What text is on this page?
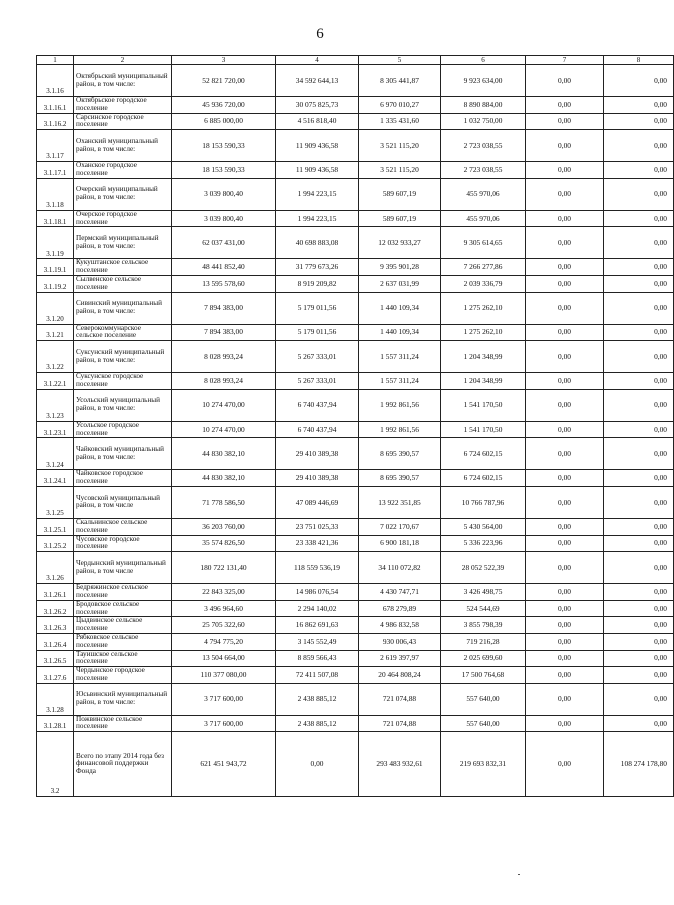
6
1	2	3	4	5	6	7	8
3.1.16	Октябрьский муниципальный район, в том числе:	52 821 720,00	34 592 644,13	8 305 441,87	9 923 634,00	0,00	0,00
3.1.16.1	Октябрьское городское поселение	45 936 720,00	30 075 825,73	6 970 010,27	8 890 884,00	0,00	0,00
3.1.16.2	Сарсинское городское поселение	6 885 000,00	4 516 818,40	1 335 431,60	1 032 750,00	0,00	0,00
3.1.17	Оханский муниципальный район, в том числе:	18 153 590,33	11 909 436,58	3 521 115,20	2 723 038,55	0,00	0,00
3.1.17.1	Оханское городское поселение	18 153 590,33	11 909 436,58	3 521 115,20	2 723 038,55	0,00	0,00
3.1.18	Очерский муниципальный район, в том числе:	3 039 800,40	1 994 223,15	589 607,19	455 970,06	0,00	0,00
3.1.18.1	Очерское городское поселение	3 039 800,40	1 994 223,15	589 607,19	455 970,06	0,00	0,00
3.1.19	Пермский муниципальный район, в том числе:	62 037 431,00	40 698 883,08	12 032 933,27	9 305 614,65	0,00	0,00
3.1.19.1	Кукуштанское сельское поселение	48 441 852,40	31 779 673,26	9 395 901,28	7 266 277,86	0,00	0,00
3.1.19.2	Сылвенское сельское поселение	13 595 578,60	8 919 209,82	2 637 031,99	2 039 336,79	0,00	0,00
3.1.20	Сивинский муниципальный район, в том числе:	7 894 383,00	5 179 011,56	1 440 109,34	1 275 262,10	0,00	0,00
3.1.21	Северокоммунарское сельское поселение	7 894 383,00	5 179 011,56	1 440 109,34	1 275 262,10	0,00	0,00
3.1.22	Суксунский муниципальный район, в том числе:	8 028 993,24	5 267 333,01	1 557 311,24	1 204 348,99	0,00	0,00
3.1.22.1	Суксунское городское поселение	8 028 993,24	5 267 333,01	1 557 311,24	1 204 348,99	0,00	0,00
3.1.23	Усольский муниципальный район, в том числе:	10 274 470,00	6 740 437,94	1 992 861,56	1 541 170,50	0,00	0,00
3.1.23.1	Усольское городское поселение	10 274 470,00	6 740 437,94	1 992 861,56	1 541 170,50	0,00	0,00
3.1.24	Чайковский муниципальный район, в том числе:	44 830 382,10	29 410 389,38	8 695 390,57	6 724 602,15	0,00	0,00
3.1.24.1	Чайковское городское поселение	44 830 382,10	29 410 389,38	8 695 390,57	6 724 602,15	0,00	0,00
3.1.25	Чусовской муниципальный район, в том числе	71 778 586,50	47 089 446,69	13 922 351,85	10 766 787,96	0,00	0,00
3.1.25.1	Скальнинское сельское поселение	36 203 760,00	23 751 025,33	7 022 170,67	5 430 564,00	0,00	0,00
3.1.25.2	Чусовское городское поселение	35 574 826,50	23 338 421,36	6 900 181,18	5 336 223,96	0,00	0,00
3.1.26	Чердынский муниципальный район, в том числе	180 722 131,40	118 559 536,19	34 110 072,82	28 052 522,39	0,00	0,00
3.1.26.1	Бедряжинское сельское поселение	22 843 325,00	14 986 076,54	4 430 747,71	3 426 498,75	0,00	0,00
3.1.26.2	Бродовское сельское поселение	3 496 964,60	2 294 140,02	678 279,89	524 544,69	0,00	0,00
3.1.26.3	Цыдвинское сельское поселение	25 705 322,60	16 862 691,63	4 986 832,58	3 855 798,39	0,00	0,00
3.1.26.4	Рябковское сельское поселение	4 794 775,20	3 145 552,49	930 006,43	719 216,28	0,00	0,00
3.1.26.5	Тауишское сельское поселение	13 504 664,00	8 859 566,43	2 619 397,97	2 025 699,60	0,00	0,00
3.1.27.6	Чердынское городское поселение	110 377 080,00	72 411 507,08	20 464 808,24	17 500 764,68	0,00	0,00
3.1.28	Юсьвинский муниципальный район, в том числе:	3 717 600,00	2 438 885,12	721 074,88	557 640,00	0,00	0,00
3.1.28.1	Пожвинское сельское поселение	3 717 600,00	2 438 885,12	721 074,88	557 640,00	0,00	0,00
3.2	Всего по этапу 2014 года без финансовой поддержки Фонда	621 451 943,72	0,00	293 483 932,61	219 693 832,31	0,00	108 274 178,80
